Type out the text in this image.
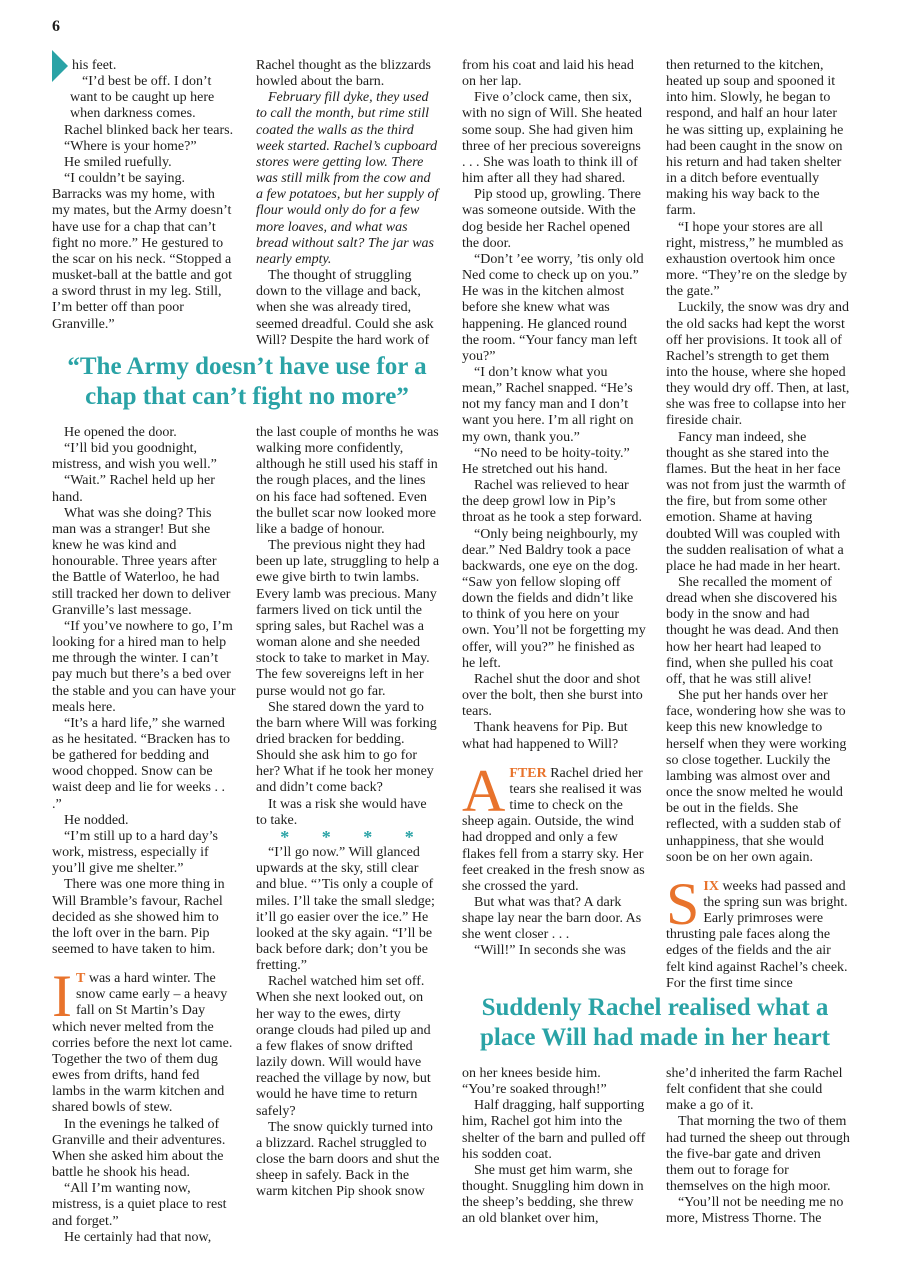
6

his feet.

“I’d best be off. I don’t want to be caught up here when darkness comes.

Rachel blinked back her tears.

“Where is your home?”

He smiled ruefully.

“I couldn’t be saying. Barracks was my home, with my mates, but the Army doesn’t have use for a chap that can’t fight no more.” He gestured to the scar on his neck. “Stopped a musket-ball at the battle and got a sword thrust in my leg. Still, I’m better off than poor Granville.”

Rachel thought as the blizzards howled about the barn.

February fill dyke, they used to call the month, but rime still coated the walls as the third week started. Rachel’s cupboard stores were getting low. There was still milk from the cow and a few potatoes, but her supply of flour would only do for a few more loaves, and what was bread without salt? The jar was nearly empty.

The thought of struggling down to the village and back, when she was already tired, seemed dreadful. Could she ask Will? Despite the hard work of

“The Army doesn’t have use for a chap that can’t fight no more”

He opened the door.

“I’ll bid you goodnight, mistress, and wish you well.”

“Wait.” Rachel held up her hand.

What was she doing? This man was a stranger! But she knew he was kind and honourable. Three years after the Battle of Waterloo, he had still tracked her down to deliver Granville’s last message.

“If you’ve nowhere to go, I’m looking for a hired man to help me through the winter. I can’t pay much but there’s a bed over the stable and you can have your meals here.

“It’s a hard life,” she warned as he hesitated. “Bracken has to be gathered for bedding and wood chopped. Snow can be waist deep and lie for weeks . . .”

He nodded.

“I’m still up to a hard day’s work, mistress, especially if you’ll give me shelter.”

There was one more thing in Will Bramble’s favour, Rachel decided as she showed him to the loft over in the barn. Pip seemed to have taken to him.

I T was a hard winter. The snow came early – a heavy fall on St Martin’s Day which never melted from the corries before the next lot came. Together the two of them dug ewes from drifts, hand fed lambs in the warm kitchen and shared bowls of stew.

In the evenings he talked of Granville and their adventures. When she asked him about the battle he shook his head.

“All I’m wanting now, mistress, is a quiet place to rest and forget.”

He certainly had that now,

the last couple of months he was walking more confidently, although he still used his staff in the rough places, and the lines on his face had softened. Even the bullet scar now looked more like a badge of honour.

The previous night they had been up late, struggling to help a ewe give birth to twin lambs. Every lamb was precious. Many farmers lived on tick until the spring sales, but Rachel was a woman alone and she needed stock to take to market in May. The few sovereigns left in her purse would not go far.

She stared down the yard to the barn where Will was forking dried bracken for bedding. Should she ask him to go for her? What if he took her money and didn’t come back?

It was a risk she would have to take.

* * * *

“I’ll go now.” Will glanced upwards at the sky, still clear and blue. “’Tis only a couple of miles. I’ll take the small sledge; it’ll go easier over the ice.” He looked at the sky again. “I’ll be back before dark; don’t you be fretting.”

Rachel watched him set off. When she next looked out, on her way to the ewes, dirty orange clouds had piled up and a few flakes of snow drifted lazily down. Will would have reached the village by now, but would he have time to return safely?

The snow quickly turned into a blizzard. Rachel struggled to close the barn doors and shut the sheep in safely. Back in the warm kitchen Pip shook snow

from his coat and laid his head on her lap.

Five o’clock came, then six, with no sign of Will. She heated some soup. She had given him three of her precious sovereigns . . . She was loath to think ill of him after all they had shared.

Pip stood up, growling. There was someone outside. With the dog beside her Rachel opened the door.

“Don’t ’ee worry, ’tis only old Ned come to check up on you.” He was in the kitchen almost before she knew what was happening. He glanced round the room. “Your fancy man left you?”

“I don’t know what you mean,” Rachel snapped. “He’s not my fancy man and I don’t want you here. I’m all right on my own, thank you.”

“No need to be hoity-toity.” He stretched out his hand.

Rachel was relieved to hear the deep growl low in Pip’s throat as he took a step forward.

“Only being neighbourly, my dear.” Ned Baldry took a pace backwards, one eye on the dog. “Saw yon fellow sloping off down the fields and didn’t like to think of you here on your own. You’ll not be forgetting my offer, will you?” he finished as he left.

Rachel shut the door and shot over the bolt, then she burst into tears.

Thank heavens for Pip. But what had happened to Will?

AFTER Rachel dried her tears she realised it was time to check on the sheep again. Outside, the wind had dropped and only a few flakes fell from a starry sky. Her feet creaked in the fresh snow as she crossed the yard.

But what was that? A dark shape lay near the barn door. As she went closer . . .

“Will!” In seconds she was

then returned to the kitchen, heated up soup and spooned it into him. Slowly, he began to respond, and half an hour later he was sitting up, explaining he had been caught in the snow on his return and had taken shelter in a ditch before eventually making his way back to the farm.

“I hope your stores are all right, mistress,” he mumbled as exhaustion overtook him once more. “They’re on the sledge by the gate.”

Luckily, the snow was dry and the old sacks had kept the worst off her provisions. It took all of Rachel’s strength to get them into the house, where she hoped they would dry off. Then, at last, she was free to collapse into her fireside chair.

Fancy man indeed, she thought as she stared into the flames. But the heat in her face was not from just the warmth of the fire, but from some other emotion. Shame at having doubted Will was coupled with the sudden realisation of what a place he had made in her heart.

She recalled the moment of dread when she discovered his body in the snow and had thought he was dead. And then how her heart had leaped to find, when she pulled his coat off, that he was still alive!

She put her hands over her face, wondering how she was to keep this new knowledge to herself when they were working so close together. Luckily the lambing was almost over and once the snow melted he would be out in the fields. She reflected, with a sudden stab of unhappiness, that she would soon be on her own again.

SIX weeks had passed and the spring sun was bright. Early primroses were thrusting pale faces along the edges of the fields and the air felt kind against Rachel’s cheek. For the first time since

Suddenly Rachel realised what a place Will had made in her heart

on her knees beside him. “You’re soaked through!”

Half dragging, half supporting him, Rachel got him into the shelter of the barn and pulled off his sodden coat.

She must get him warm, she thought. Snuggling him down in the sheep’s bedding, she threw an old blanket over him,

she’d inherited the farm Rachel felt confident that she could make a go of it.

That morning the two of them had turned the sheep out through the five-bar gate and driven them out to forage for themselves on the high moor.

“You’ll not be needing me no more, Mistress Thorne. The
